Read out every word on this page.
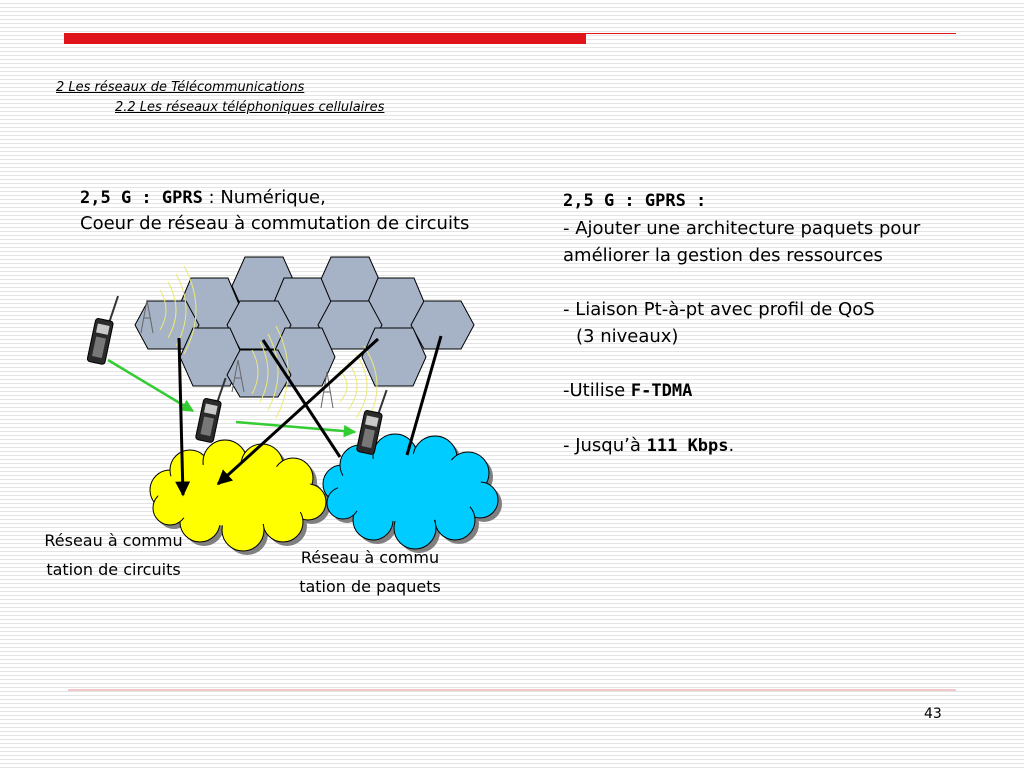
2 Les réseaux de Télécommunications
2.2 Les réseaux téléphoniques cellulaires
2,5 G : GPRS : Numérique,
Coeur de réseau à commutation de circuits

2,5 G : GPRS :

- Ajouter une architecture paquets pour améliorer la gestion des ressources

- Liaison Pt-à-pt avec profil de QoS

(3 niveaux)

-Utilise F-TDMA

- Jusqu’à 111 Kbps.

Réseau à commu
tation de circuits
Réseau à commu
tation de paquets
43
